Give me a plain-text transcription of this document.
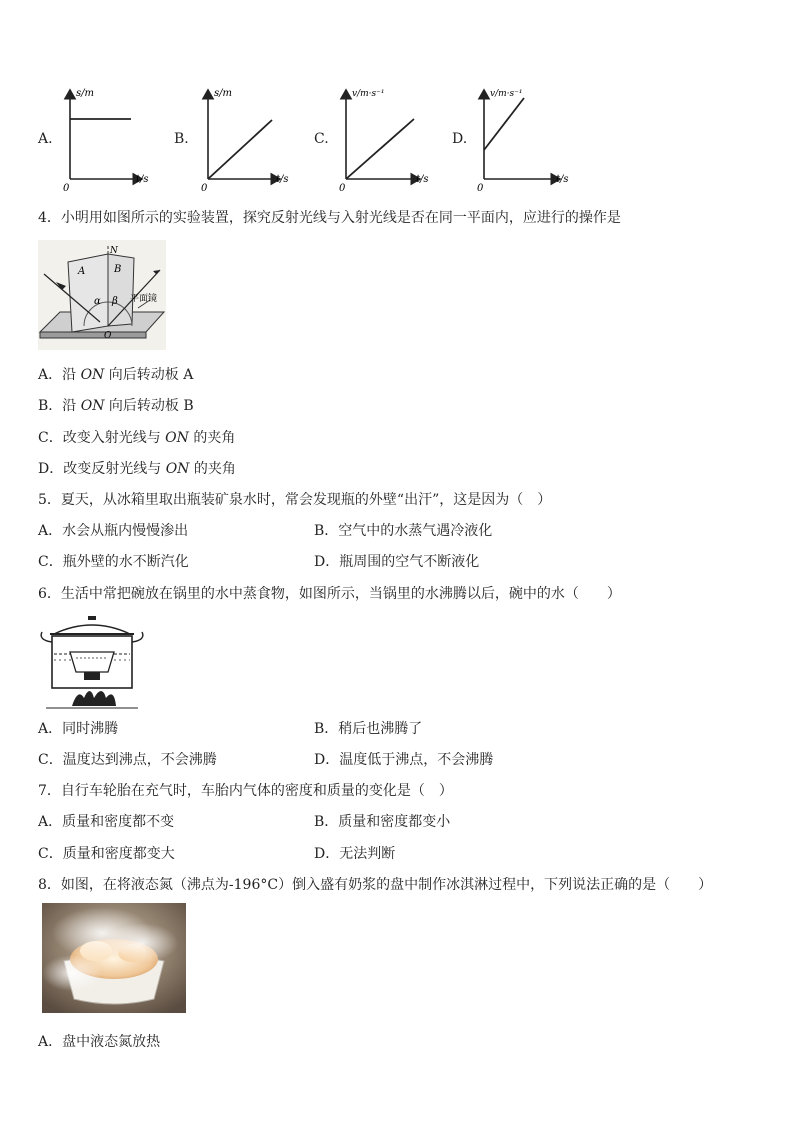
A.
s/m
t/s
0
B.
s/m
t/s
0
C.
v/m·s⁻¹
t/s
0
D.
v/m·s⁻¹
t/s
0
4．小明用如图所示的实验装置，探究反射光线与入射光线是否在同一平面内，应进行的操作是
N
A	B
α β
O
平面镜
A．沿 ON 向后转动板 A
B．沿 ON 向后转动板 B
C．改变入射光线与 ON 的夹角
D．改变反射光线与 ON 的夹角
5．夏天，从冰箱里取出瓶装矿泉水时，常会发现瓶的外壁“出汗”，这是因为（　）
A．水会从瓶内慢慢渗出	B．空气中的水蒸气遇冷液化
C．瓶外壁的水不断汽化	D．瓶周围的空气不断液化
6．生活中常把碗放在锅里的水中蒸食物，如图所示，当锅里的水沸腾以后，碗中的水（　　）
A．同时沸腾	B．稍后也沸腾了
C．温度达到沸点，不会沸腾	D．温度低于沸点，不会沸腾
7．自行车轮胎在充气时，车胎内气体的密度和质量的变化是（　）
A．质量和密度都不变	B．质量和密度都变小
C．质量和密度都变大	D．无法判断
8．如图，在将液态氮（沸点为-196°C）倒入盛有奶浆的盘中制作冰淇淋过程中，下列说法正确的是（　　）
A．盘中液态氮放热
